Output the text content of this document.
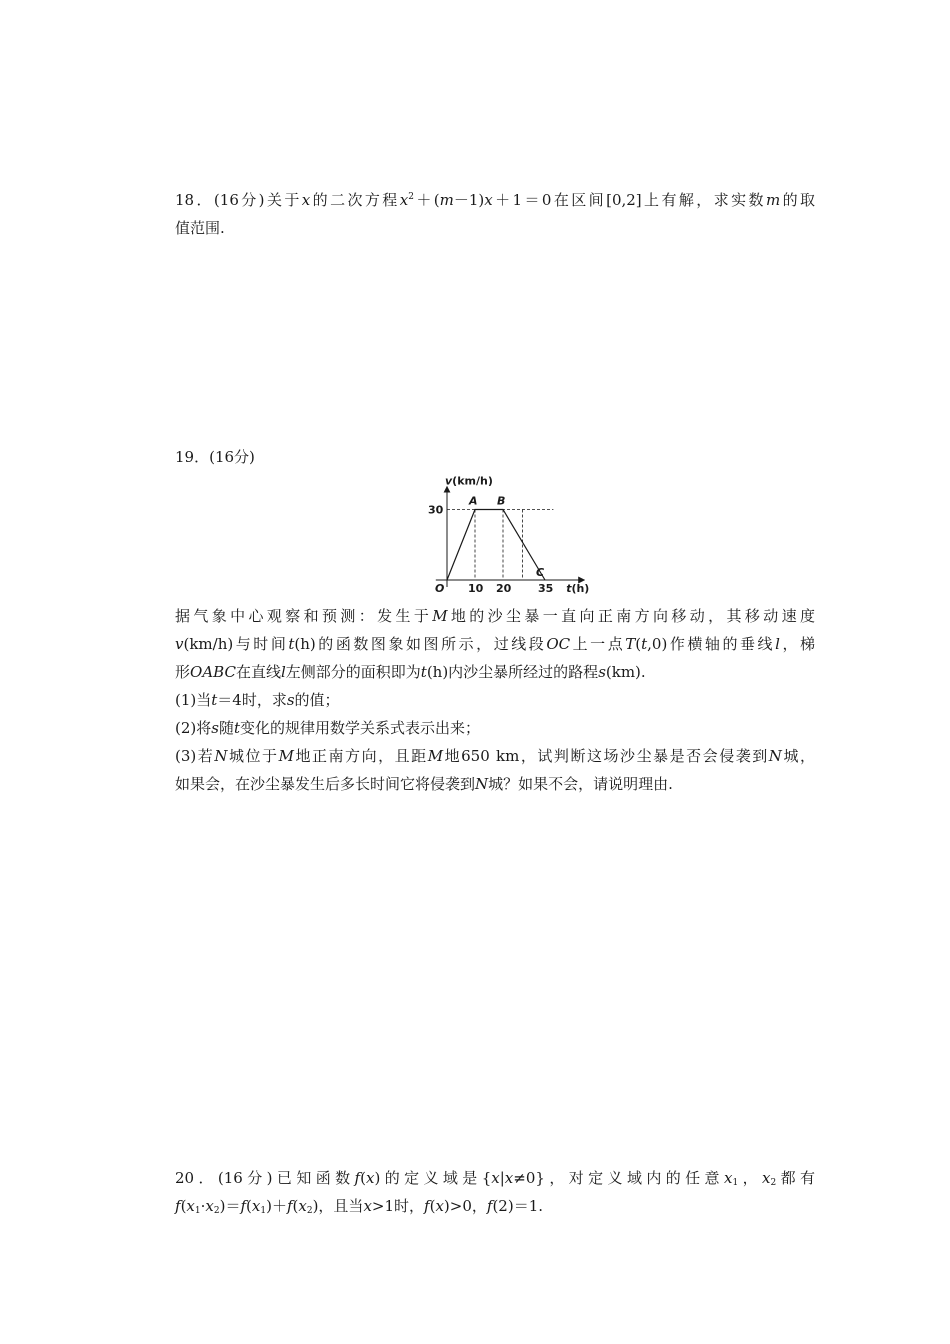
18．(16分)关于x的二次方程$x^2+(m-1)x+1=0$在区间[0,2]上有解，求实数m的取
值范围.
19．(16分)
v(km/h)
t(h)
O 10 20 35
30
A B
C
据气象中心观察和预测：发生于M地的沙尘暴一直向正南方向移动，其移动速度
v(km/h)与时间t(h)的函数图象如图所示，过线段OC上一点T(t,0)作横轴的垂线l，梯
形OABC在直线l左侧部分的面积即为t(h)内沙尘暴所经过的路程s(km).
(1)当t＝4时，求s的值；
(2)将s随t变化的规律用数学关系式表示出来；
(3)若N城位于M地正南方向，且距M地650 km，试判断这场沙尘暴是否会侵袭到N城，
如果会，在沙尘暴发生后多长时间它将侵袭到N城？如果不会，请说明理由.
20．(16分)已知函数f(x)的定义域是{x|x≠0}，对定义域内的任意$x_1$，$x_2$都有
$f(x_1\cdot x_2)=f(x_1)+f(x_2)$，且当x>1时，f(x)>0，f(2)＝1.
